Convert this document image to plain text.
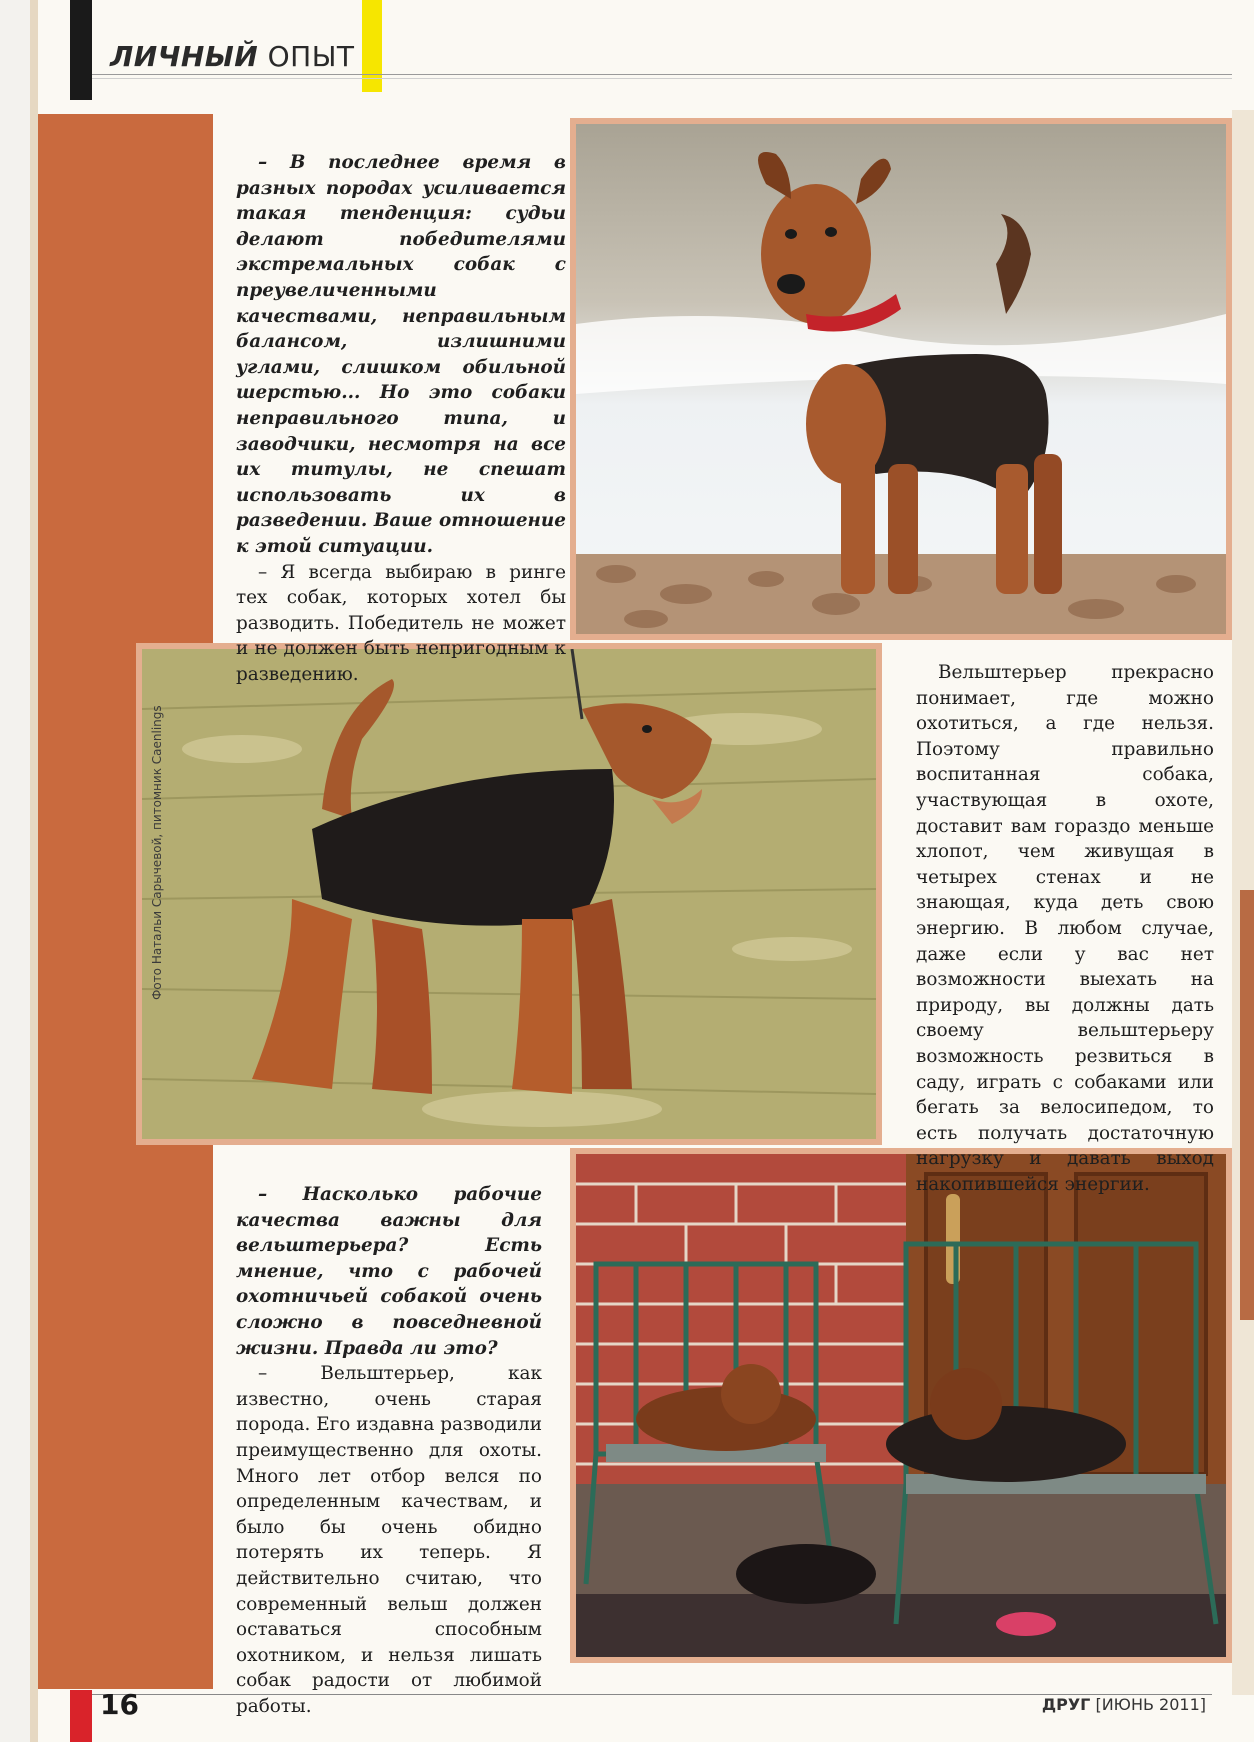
ЛИЧНЫЙ ОПЫТ

– В последнее время в разных породах усиливается такая тенденция: судьи делают победителями экстремальных собак с преувеличенными качествами, неправильным балансом, излишними углами, слишком обильной шерстью... Но это собаки неправильного типа, и заводчики, несмотря на все их титулы, не спешат использовать их в разведении. Ваше отношение к этой ситуации.

– Я всегда выбираю в ринге тех собак, которых хотел бы разводить. Победитель не может и не должен быть непригодным к разведению.	Вельштерьер прекрасно понимает, где можно охотиться, а где нельзя. Поэтому правильно воспитанная собака, участвующая в охоте, доставит вам гораздо меньше хлопот, чем живущая в четырех стенах и не знающая, куда деть свою энергию. В любом случае, даже если у вас нет возможности выехать на природу, вы должны дать своему вельштерьеру возможность резвиться в саду, играть с собаками или бегать за велосипедом, то есть получать достаточную нагрузку и давать выход накопившейся энергии.

– Насколько рабочие качества важны для вельштерьера? Есть мнение, что с рабочей охотничьей собакой очень сложно в повседневной жизни. Правда ли это?

– Вельштерьер, как известно, очень старая порода. Его издавна разводили преимущественно для охоты. Много лет отбор велся по определенным качествам, и было бы очень обидно потерять их теперь. Я действительно считаю, что современный вельш должен оставаться способным охотником, и нельзя лишать собак радости от любимой работы.

Фото Натальи Сарычевой, питомник Caenlings
16	ДРУГ [ИЮНЬ 2011]
